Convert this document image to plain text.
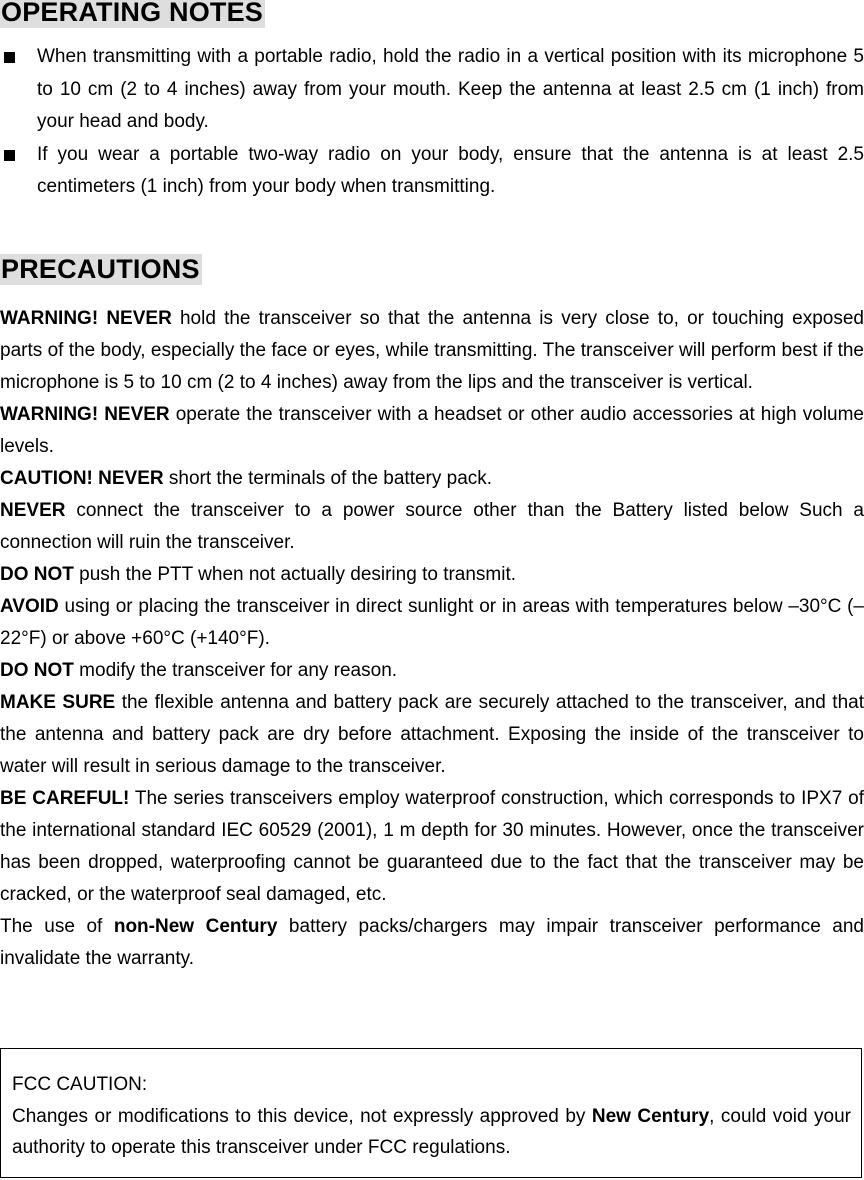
OPERATING NOTES
When transmitting with a portable radio, hold the radio in a vertical position with its microphone 5 to 10 cm (2 to 4 inches) away from your mouth. Keep the antenna at least 2.5 cm (1 inch) from your head and body.
If you wear a portable two-way radio on your body, ensure that the antenna is at least 2.5 centimeters (1 inch) from your body when transmitting.
PRECAUTIONS

WARNING! NEVER hold the transceiver so that the antenna is very close to, or touching exposed parts of the body, especially the face or eyes, while transmitting. The transceiver will perform best if the microphone is 5 to 10 cm (2 to 4 inches) away from the lips and the transceiver is vertical.

WARNING! NEVER operate the transceiver with a headset or other audio accessories at high volume levels.

CAUTION! NEVER short the terminals of the battery pack.

NEVER connect the transceiver to a power source other than the Battery listed below Such a connection will ruin the transceiver.

DO NOT push the PTT when not actually desiring to transmit.

AVOID using or placing the transceiver in direct sunlight or in areas with temperatures below –30°C (–22°F) or above +60°C (+140°F).

DO NOT modify the transceiver for any reason.

MAKE SURE the flexible antenna and battery pack are securely attached to the transceiver, and that the antenna and battery pack are dry before attachment. Exposing the inside of the transceiver to water will result in serious damage to the transceiver.

BE CAREFUL! The series transceivers employ waterproof construction, which corresponds to IPX7 of the international standard IEC 60529 (2001), 1 m depth for 30 minutes. However, once the transceiver has been dropped, waterproofing cannot be guaranteed due to the fact that the transceiver may be cracked, or the waterproof seal damaged, etc.

The use of non-New Century battery packs/chargers may impair transceiver performance and invalidate the warranty.

FCC CAUTION:

Changes or modifications to this device, not expressly approved by New Century, could void your authority to operate this transceiver under FCC regulations.
